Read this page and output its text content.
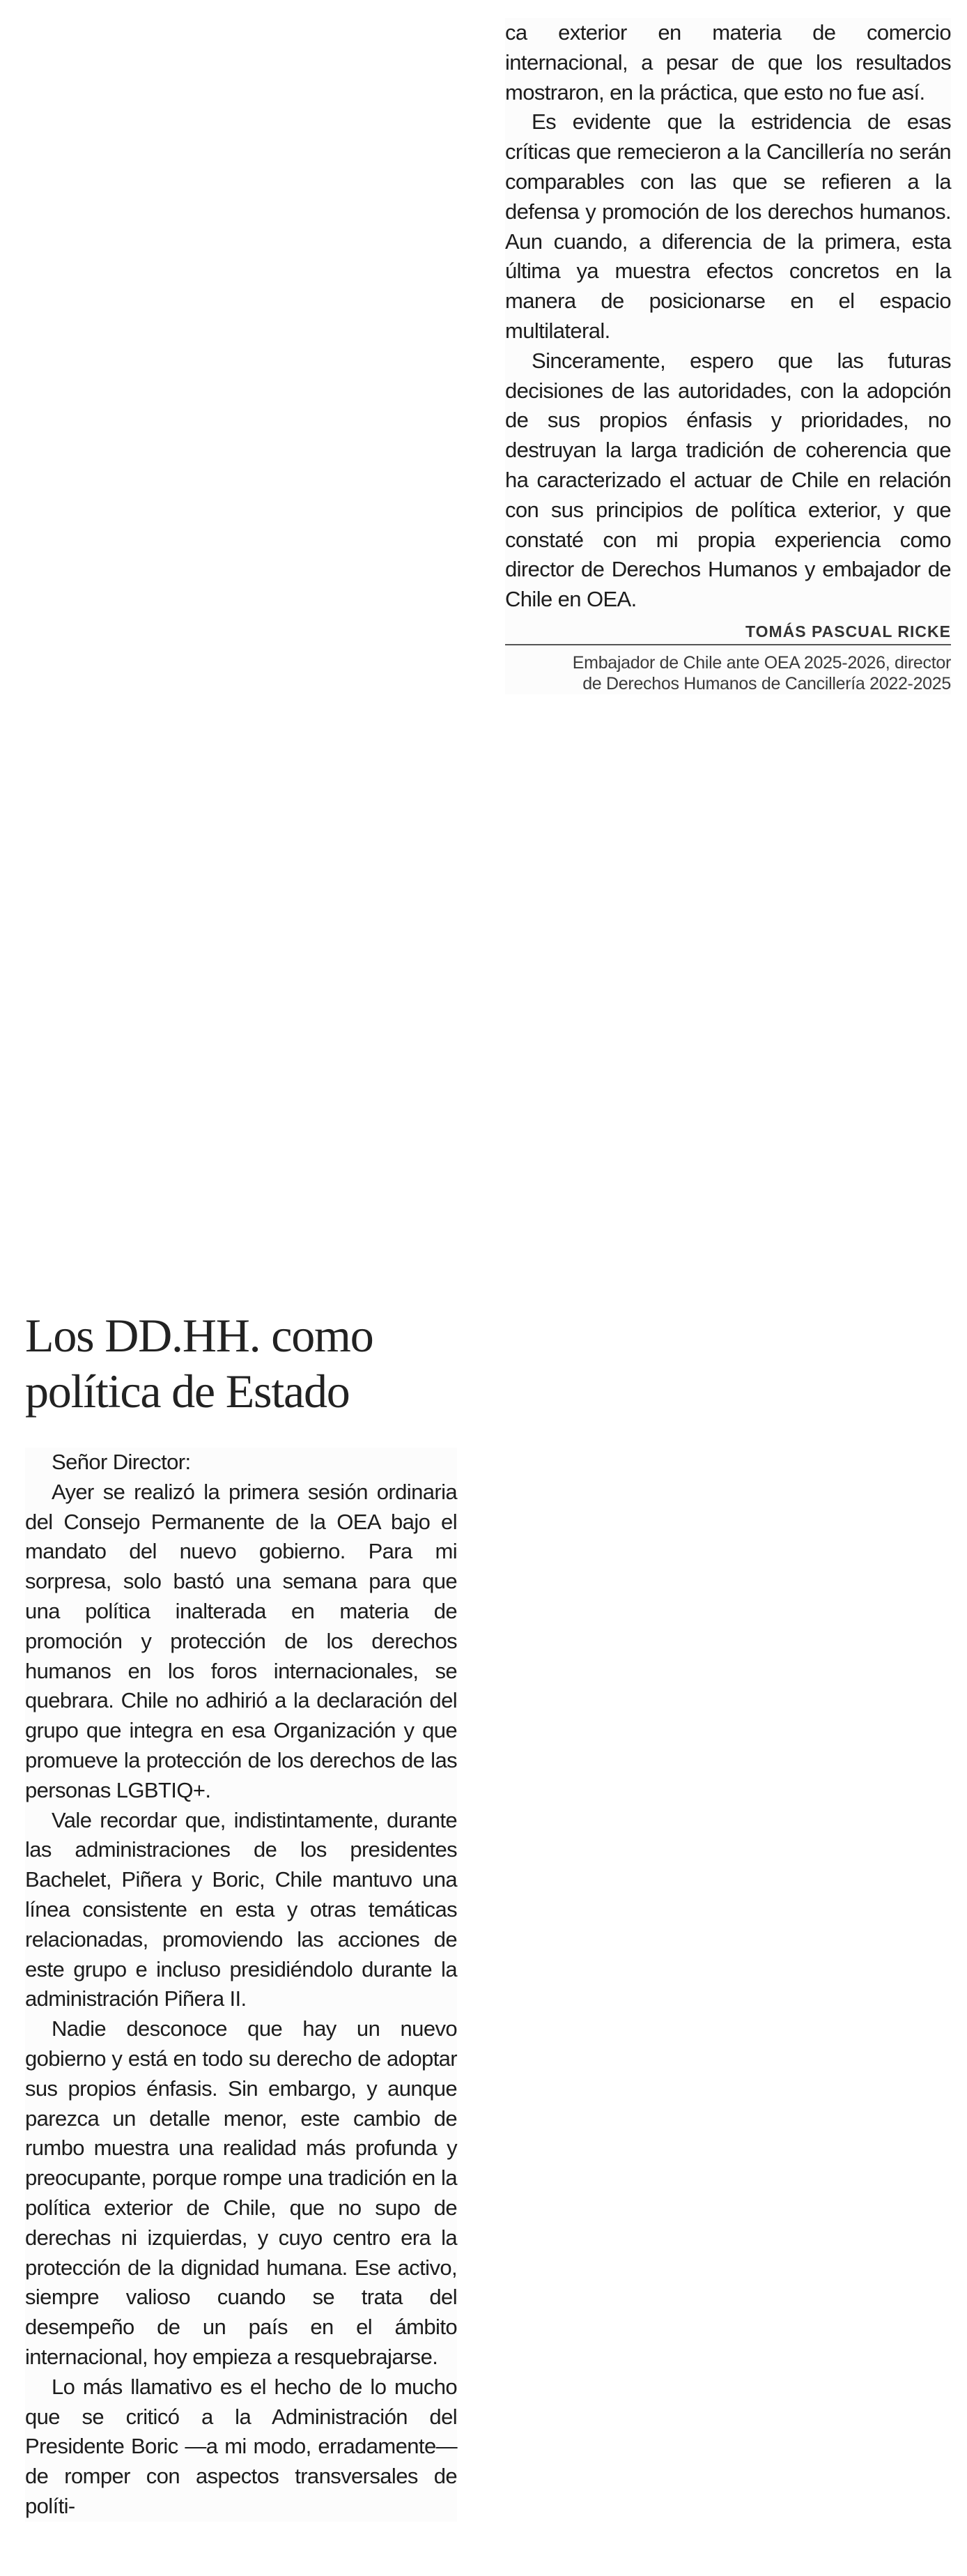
ca exterior en materia de comercio internacional, a pesar de que los resultados mostraron, en la práctica, que esto no fue así.

Es evidente que la estridencia de esas críticas que remecieron a la Cancillería no serán comparables con las que se refieren a la defensa y promoción de los derechos humanos. Aun cuando, a diferencia de la primera, esta última ya muestra efectos concretos en la manera de posicionarse en el espacio multilateral.

Sinceramente, espero que las futuras decisiones de las autoridades, con la adopción de sus propios énfasis y prioridades, no destruyan la larga tradición de coherencia que ha caracterizado el actuar de Chile en relación con sus principios de política exterior, y que constaté con mi propia experiencia como director de Derechos Humanos y embajador de Chile en OEA.

TOMÁS PASCUAL RICKE
Embajador de Chile ante OEA 2025-2026, director
de Derechos Humanos de Cancillería 2022-2025
Los DD.HH. como
política de Estado

Señor Director:

Ayer se realizó la primera sesión ordinaria del Consejo Permanente de la OEA bajo el mandato del nuevo gobierno. Para mi sorpresa, solo bastó una semana para que una política inalterada en materia de promoción y protección de los derechos humanos en los foros internacionales, se quebrara. Chile no adhirió a la declaración del grupo que integra en esa Organización y que promueve la protección de los derechos de las personas LGBTIQ+.

Vale recordar que, indistintamente, durante las administraciones de los presidentes Bachelet, Piñera y Boric, Chile mantuvo una línea consistente en esta y otras temáticas relacionadas, promoviendo las acciones de este grupo e incluso presidiéndolo durante la administración Piñera II.

Nadie desconoce que hay un nuevo gobierno y está en todo su derecho de adoptar sus propios énfasis. Sin embargo, y aunque parezca un detalle menor, este cambio de rumbo muestra una realidad más profunda y preocupante, porque rompe una tradición en la política exterior de Chile, que no supo de derechas ni izquierdas, y cuyo centro era la protección de la dignidad humana. Ese activo, siempre valioso cuando se trata del desempeño de un país en el ámbito internacional, hoy empieza a resquebrajarse.

Lo más llamativo es el hecho de lo mucho que se criticó a la Administración del Presidente Boric —a mi modo, erradamente— de romper con aspectos transversales de políti-
